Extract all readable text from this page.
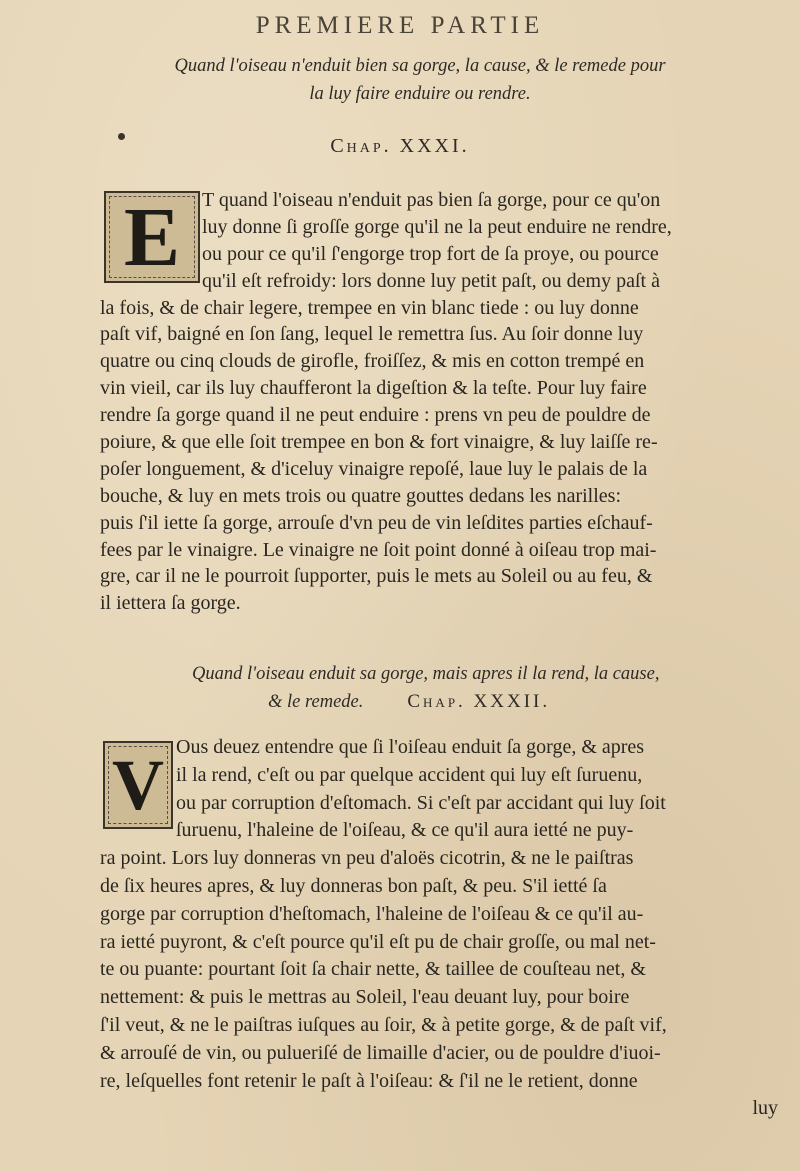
PREMIERE PARTIE
Quand l'oiseau n'enduit bien sa gorge, la cause, & le remede pour
la luy faire enduire ou rendre.
Chap. XXXI.
E	T quand l'oiseau n'enduit pas bien ſa gorge, pour ce qu'on
luy donne ſi groſſe gorge qu'il ne la peut enduire ne rendre,
ou pour ce qu'il ſ'engorge trop fort de ſa proye, ou pource
qu'il eſt refroidy: lors donne luy petit paſt, ou demy paſt à
la fois, & de chair legere, trempee en vin blanc tiede : ou luy donne
paſt vif, baigné en ſon ſang, lequel le remettra ſus. Au ſoir donne luy
quatre ou cinq clouds de girofle, froiſſez, & mis en cotton trempé en
vin vieil, car ils luy chaufferont la digeſtion & la teſte. Pour luy faire
rendre ſa gorge quand il ne peut enduire : prens vn peu de pouldre de
poiure, & que elle ſoit trempee en bon & fort vinaigre, & luy laiſſe re-
poſer longuement, & d'iceluy vinaigre repoſé, laue luy le palais de la
bouche, & luy en mets trois ou quatre gouttes dedans les narilles:
puis ſ'il iette ſa gorge, arrouſe d'vn peu de vin leſdites parties eſchauf-
fees par le vinaigre. Le vinaigre ne ſoit point donné à oiſeau trop mai-
gre, car il ne le pourroit ſupporter, puis le mets au Soleil ou au feu, &
il iettera ſa gorge.
Quand l'oiseau enduit sa gorge, mais apres il la rend, la cause,
& le remede. Chap. XXXII.
V Ous deuez entendre que ſi l'oiſeau enduit ſa gorge, & apres
il la rend, c'eſt ou par quelque accident qui luy eſt ſuruenu,
ou par corruption d'eſtomach. Si c'eſt par accidant qui luy ſoit
ſuruenu, l'haleine de l'oiſeau, & ce qu'il aura ietté ne puy-
ra point. Lors luy donneras vn peu d'aloës cicotrin, & ne le paiſtras
de ſix heures apres, & luy donneras bon paſt, & peu. S'il ietté ſa
gorge par corruption d'heſtomach, l'haleine de l'oiſeau & ce qu'il au-
ra ietté puyront, & c'eſt pource qu'il eſt pu de chair groſſe, ou mal net-
te ou puante: pourtant ſoit ſa chair nette, & taillee de couſteau net, &
nettement: & puis le mettras au Soleil, l'eau deuant luy, pour boire
ſ'il veut, & ne le paiſtras iuſques au ſoir, & à petite gorge, & de paſt vif,
& arrouſé de vin, ou pulueriſé de limaille d'acier, ou de pouldre d'iuoi-
re, leſquelles font retenir le paſt à l'oiſeau: & ſ'il ne le retient, donne
luy
